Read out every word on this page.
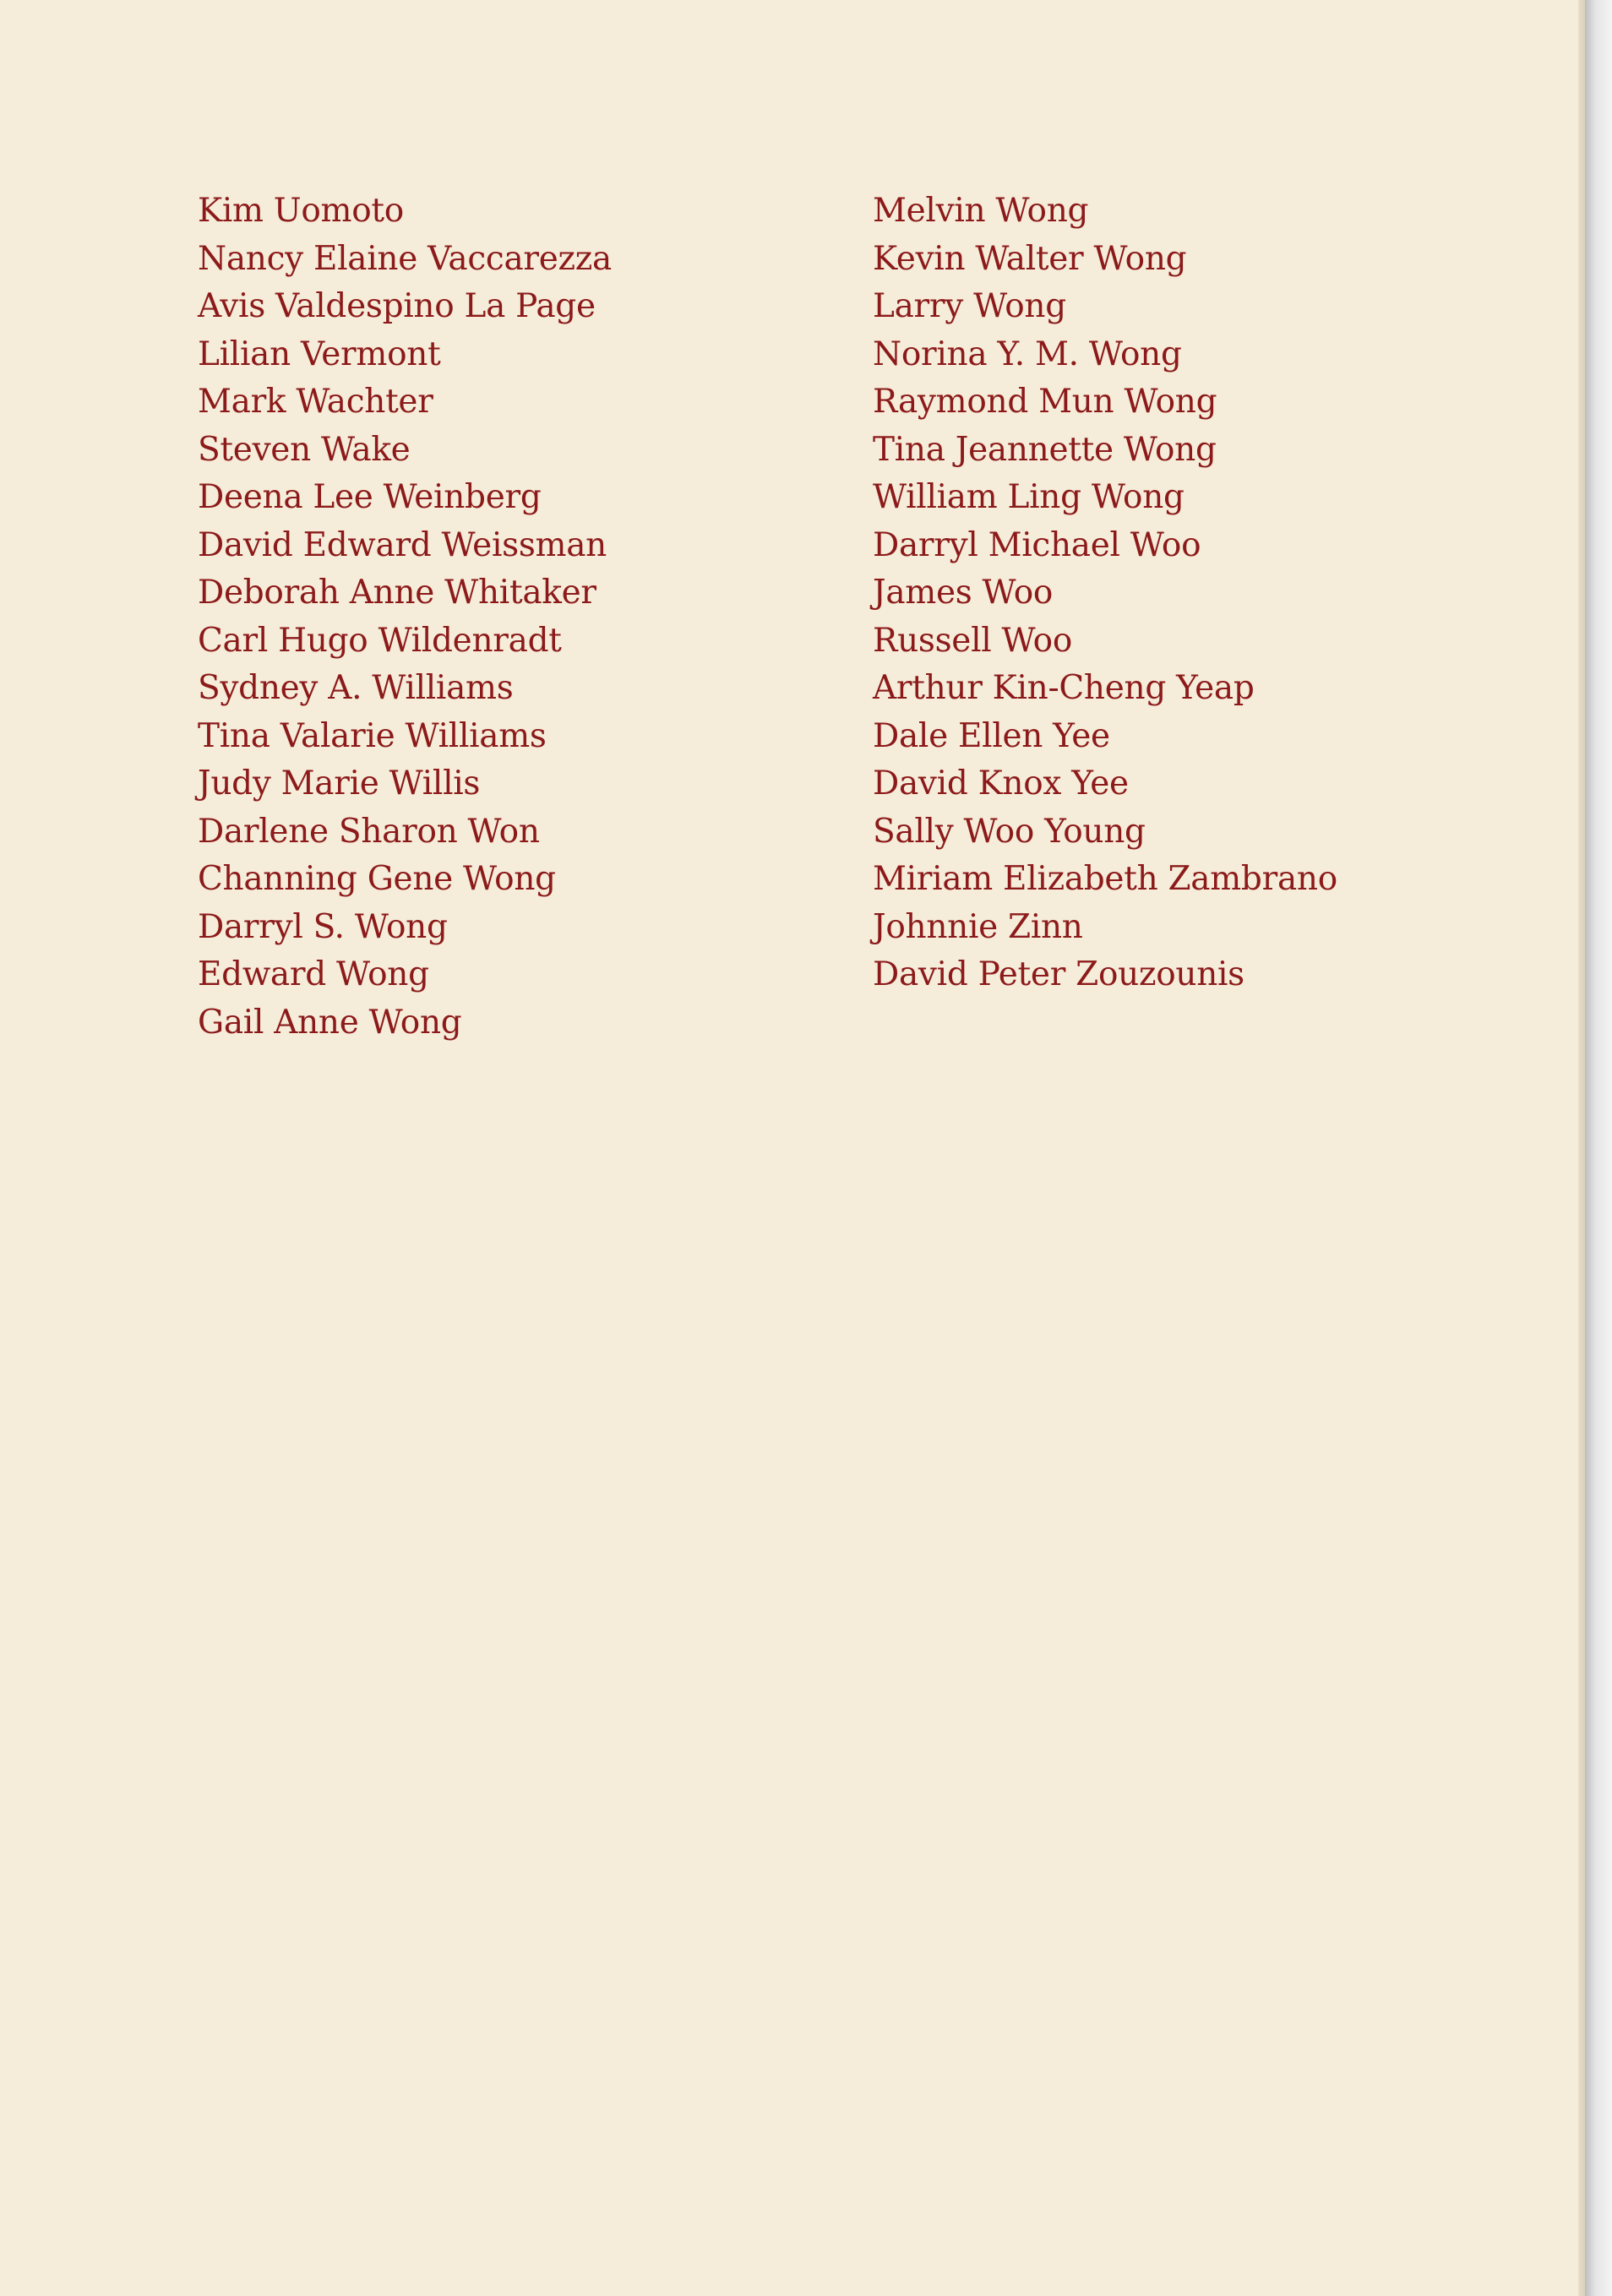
Kim Uomoto
Nancy Elaine Vaccarezza
Avis Valdespino La Page
Lilian Vermont
Mark Wachter
Steven Wake
Deena Lee Weinberg
David Edward Weissman
Deborah Anne Whitaker
Carl Hugo Wildenradt
Sydney A. Williams
Tina Valarie Williams
Judy Marie Willis
Darlene Sharon Won
Channing Gene Wong
Darryl S. Wong
Edward Wong
Gail Anne Wong
Melvin Wong
Kevin Walter Wong
Larry Wong
Norina Y. M. Wong
Raymond Mun Wong
Tina Jeannette Wong
William Ling Wong
Darryl Michael Woo
James Woo
Russell Woo
Arthur Kin-Cheng Yeap
Dale Ellen Yee
David Knox Yee
Sally Woo Young
Miriam Elizabeth Zambrano
Johnnie Zinn
David Peter Zouzounis
